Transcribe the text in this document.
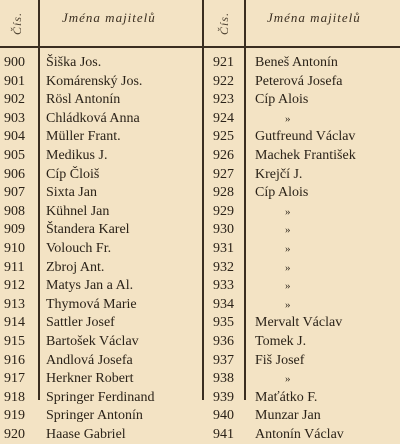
Čís.	Jména majitelů
900	Šiška Jos.
901	Komárenský Jos.
902	Rösl Antonín
903	Chládková Anna
904	Müller Frant.
905	Medikus J.
906	Cíp Čloiš
907	Sixta Jan
908	Kühnel Jan
909	Štandera Karel
910	Volouch Fr.
911	Zbroj Ant.
912	Matys Jan a Al.
913	Thymová Marie
914	Sattler Josef
915	Bartošek Václav
916	Andlová Josefa
917	Herkner Robert
918	Springer Ferdinand
919	Springer Antonín
920	Haase Gabriel
Čís.	Jména majitelů
921	Beneš Antonín
922	Peterová Josefa
923	Cíp Alois
924	»
925	Gutfreund Václav
926	Machek František
927	Krejčí J.
928	Cíp Alois
929	»
930	»
931	»
932	»
933	»
934	»
935	Mervalt Václav
936	Tomek J.
937	Fiš Josef
938	»
939	Maťátko F.
940	Munzar Jan
941	Antonín Václav
